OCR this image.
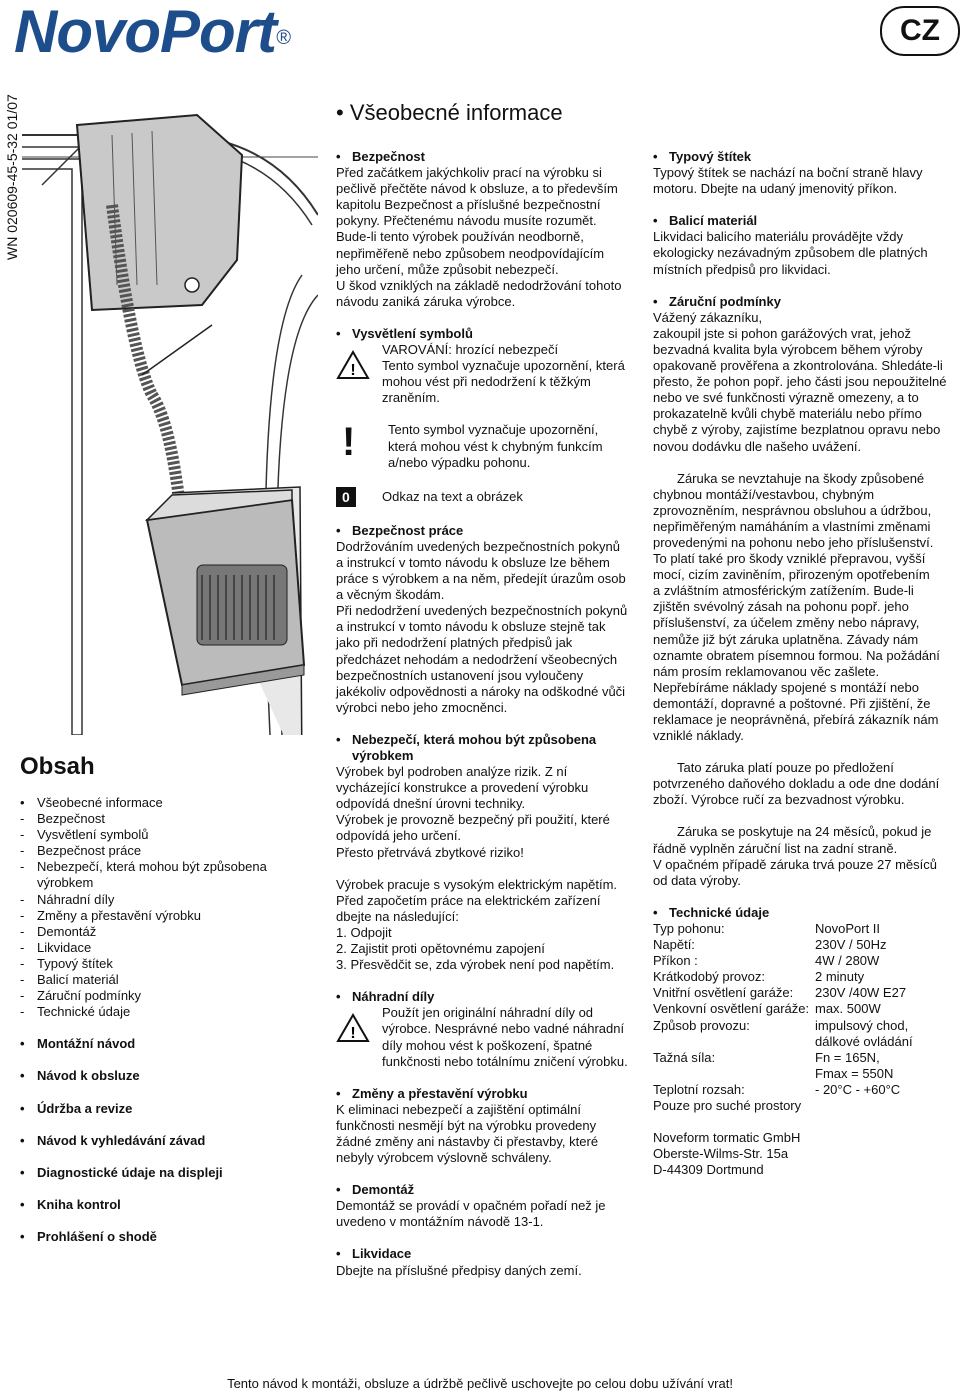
NovoPort®	CZ
WN 020609-45-5-32 01/07
Obsah
• Všeobecné informace
- Bezpečnost
- Vysvětlení symbolů
- Bezpečnost práce
- Nebezpečí, která mohou být způsobena
výrobkem
- Náhradní díly
- Změny a přestavění výrobku
- Demontáž
- Likvidace
- Typový štítek
- Balicí materiál
- Záruční podmínky
- Technické údaje
• Montážní návod
• Návod k obsluze
• Údržba a revize
• Návod k vyhledávání závad
• Diagnostické údaje na displeji
• Kniha kontrol
• Prohlášení o shodě
• Všeobecné informace
• Bezpečnost

Před začátkem jakýchkoliv prací na výrobku si

pečlivě přečtěte návod k obsluze, a to především

kapitolu Bezpečnost a příslušné bezpečnostní

pokyny. Přečtenému návodu musíte rozumět.

Bude-li tento výrobek používán neodborně,

nepřiměřeně nebo způsobem neodpovídajícím

jeho určení, může způsobit nebezpečí.

U škod vzniklých na základě nedodržování tohoto

návodu zaniká záruka výrobce.

• Vysvětlení symbolů
!

VAROVÁNÍ: hrozící nebezpečí

Tento symbol vyznačuje upozornění, která

mohou vést při nedodržení k těžkým

zraněním.

!	Tento symbol vyznačuje upozornění,

která mohou vést k chybným funkcím

a/nebo výpadku pohonu.

0	Odkaz na text a obrázek
• Bezpečnost práce

Dodržováním uvedených bezpečnostních pokynů

a instrukcí v tomto návodu k obsluze lze během

práce s výrobkem a na něm, předejít úrazům osob

a věcným škodám.

Při nedodržení uvedených bezpečnostních pokynů

a instrukcí v tomto návodu k obsluze stejně tak

jako při nedodržení platných předpisů jak

předcházet nehodám a nedodržení všeobecných

bezpečnostních ustanovení jsou vyloučeny

jakékoliv odpovědnosti a nároky na odškodné vůči

výrobci nebo jeho zmocněnci.

• Nebezpečí, která mohou být způsobena
výrobkem

Výrobek byl podroben analýze rizik. Z ní

vycházející konstrukce a provedení výrobku

odpovídá dnešní úrovni techniky.

Výrobek je provozně bezpečný při použití, které

odpovídá jeho určení.

Přesto přetrvává zbytkové riziko!

Výrobek pracuje s vysokým elektrickým napětím.

Před započetím práce na elektrickém zařízení

dbejte na následující:

1. Odpojit

2. Zajistit proti opětovnému zapojení

3. Přesvědčit se, zda výrobek není pod napětím.

• Náhradní díly
!

Použít jen originální náhradní díly od

výrobce. Nesprávné nebo vadné náhradní

díly mohou vést k poškození, špatné

funkčnosti nebo totálnímu zničení výrobku.

• Změny a přestavění výrobku

K eliminaci nebezpečí a zajištění optimální

funkčnosti nesmějí být na výrobku provedeny

žádné změny ani nástavby či přestavby, které

nebyly výrobcem výslovně schváleny.

• Demontáž

Demontáž se provádí v opačném pořadí než je

uvedeno v montážním návodě 13-1.

• Likvidace

Dbejte na příslušné předpisy daných zemí.

• Typový štítek

Typový štítek se nachází na boční straně hlavy

motoru. Dbejte na udaný jmenovitý příkon.

• Balicí materiál

Likvidaci balicího materiálu provádějte vždy

ekologicky nezávadným způsobem dle platných

místních předpisů pro likvidaci.

• Záruční podmínky

Vážený zákazníku,

zakoupil jste si pohon garážových vrat, jehož

bezvadná kvalita byla výrobcem během výroby

opakovaně prověřena a zkontrolována. Shledáte-li

přesto, že pohon popř. jeho části jsou nepoužitelné

nebo ve své funkčnosti výrazně omezeny, a to

prokazatelně kvůli chybě materiálu nebo přímo

chybě z výroby, zajistíme bezplatnou opravu nebo

novou dodávku dle našeho uvážení.

Záruka se nevztahuje na škody způsobené

chybnou montáží/vestavbou, chybným

zprovozněním, nesprávnou obsluhou a údržbou,

nepřiměřeným namáháním a vlastními změnami

provedenými na pohonu nebo jeho příslušenství.

To platí také pro škody vzniklé přepravou, vyšší

mocí, cizím zaviněním, přirozeným opotřebením

a zvláštním atmosférickým zatížením. Bude-li

zjištěn svévolný zásah na pohonu popř. jeho

příslušenství, za účelem změny nebo nápravy,

nemůže již být záruka uplatněna. Závady nám

oznamte obratem písemnou formou. Na požádání

nám prosím reklamovanou věc zašlete.

Nepřebíráme náklady spojené s montáží nebo

demontáží, dopravné a poštovné. Při zjištění, že

reklamace je neoprávněná, přebírá zákazník nám

vzniklé náklady.

Tato záruka platí pouze po předložení

potvrzeného daňového dokladu a ode dne dodání

zboží. Výrobce ručí za bezvadnost výrobku.

Záruka se poskytuje na 24 měsíců, pokud je

řádně vyplněn záruční list na zadní straně.

V opačném případě záruka trvá pouze 27 měsíců

od data výroby.

• Technické údaje
Typ pohonu:	NovoPort II
Napětí:	230V / 50Hz
Příkon :	4W / 280W
Krátkodobý provoz:	2 minuty
Vnitřní osvětlení garáže:	230V /40W E27
Venkovní osvětlení garáže: max. 500W
Způsob provozu:	impulsový chod,
dálkové ovládání
Tažná síla:	Fn = 165N,
Fmax = 550N
Teplotní rozsah:	- 20°C - +60°C

Pouze pro suché prostory

Noveform tormatic GmbH

Oberste-Wilms-Str. 15a

D-44309 Dortmund

Tento návod k montáži, obsluze a údržbě pečlivě uschovejte po celou dobu užívání vrat!
